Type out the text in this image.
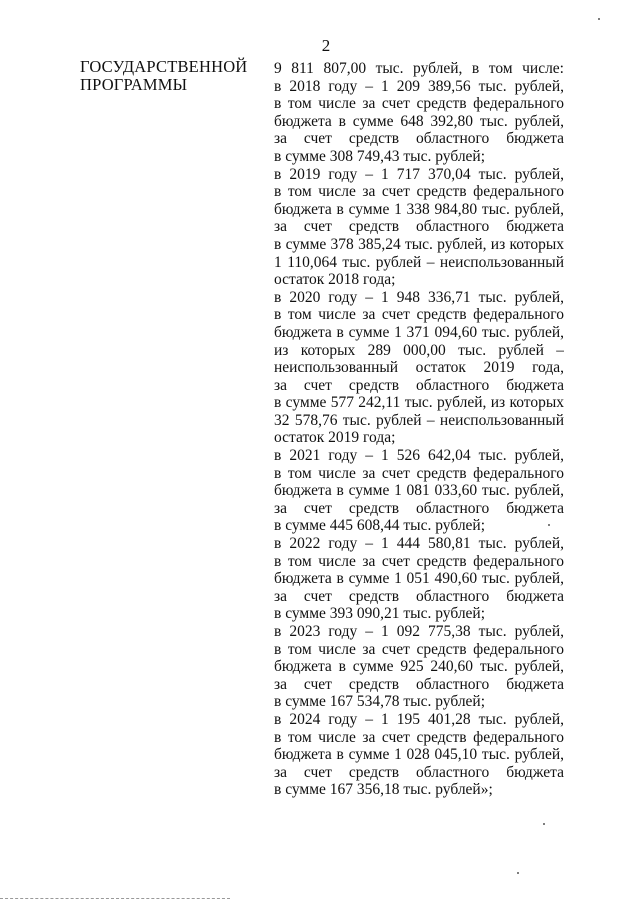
2
ГОСУДАРСТВЕННОЙ
ПРОГРАММЫ
9 811 807,00 тыс. рублей, в том числе:
в 2018 году – 1 209 389,56 тыс. рублей,
в том числе за счет средств федерального
бюджета в сумме 648 392,80 тыс. рублей,
за счет средств областного бюджета
в сумме 308 749,43 тыс. рублей;
в 2019 году – 1 717 370,04 тыс. рублей,
в том числе за счет средств федерального
бюджета в сумме 1 338 984,80 тыс. рублей,
за счет средств областного бюджета
в сумме 378 385,24 тыс. рублей, из которых
1 110,064 тыс. рублей – неиспользованный
остаток 2018 года;
в 2020 году – 1 948 336,71 тыс. рублей,
в том числе за счет средств федерального
бюджета в сумме 1 371 094,60 тыс. рублей,
из которых 289 000,00 тыс. рублей –
неиспользованный остаток 2019 года,
за счет средств областного бюджета
в сумме 577 242,11 тыс. рублей, из которых
32 578,76 тыс. рублей – неиспользованный
остаток 2019 года;
в 2021 году – 1 526 642,04 тыс. рублей,
в том числе за счет средств федерального
бюджета в сумме 1 081 033,60 тыс. рублей,
за счет средств областного бюджета
в сумме 445 608,44 тыс. рублей;
в 2022 году – 1 444 580,81 тыс. рублей,
в том числе за счет средств федерального
бюджета в сумме 1 051 490,60 тыс. рублей,
за счет средств областного бюджета
в сумме 393 090,21 тыс. рублей;
в 2023 году – 1 092 775,38 тыс. рублей,
в том числе за счет средств федерального
бюджета в сумме 925 240,60 тыс. рублей,
за счет средств областного бюджета
в сумме 167 534,78 тыс. рублей;
в 2024 году – 1 195 401,28 тыс. рублей,
в том числе за счет средств федерального
бюджета в сумме 1 028 045,10 тыс. рублей,
за счет средств областного бюджета
в сумме 167 356,18 тыс. рублей»;
